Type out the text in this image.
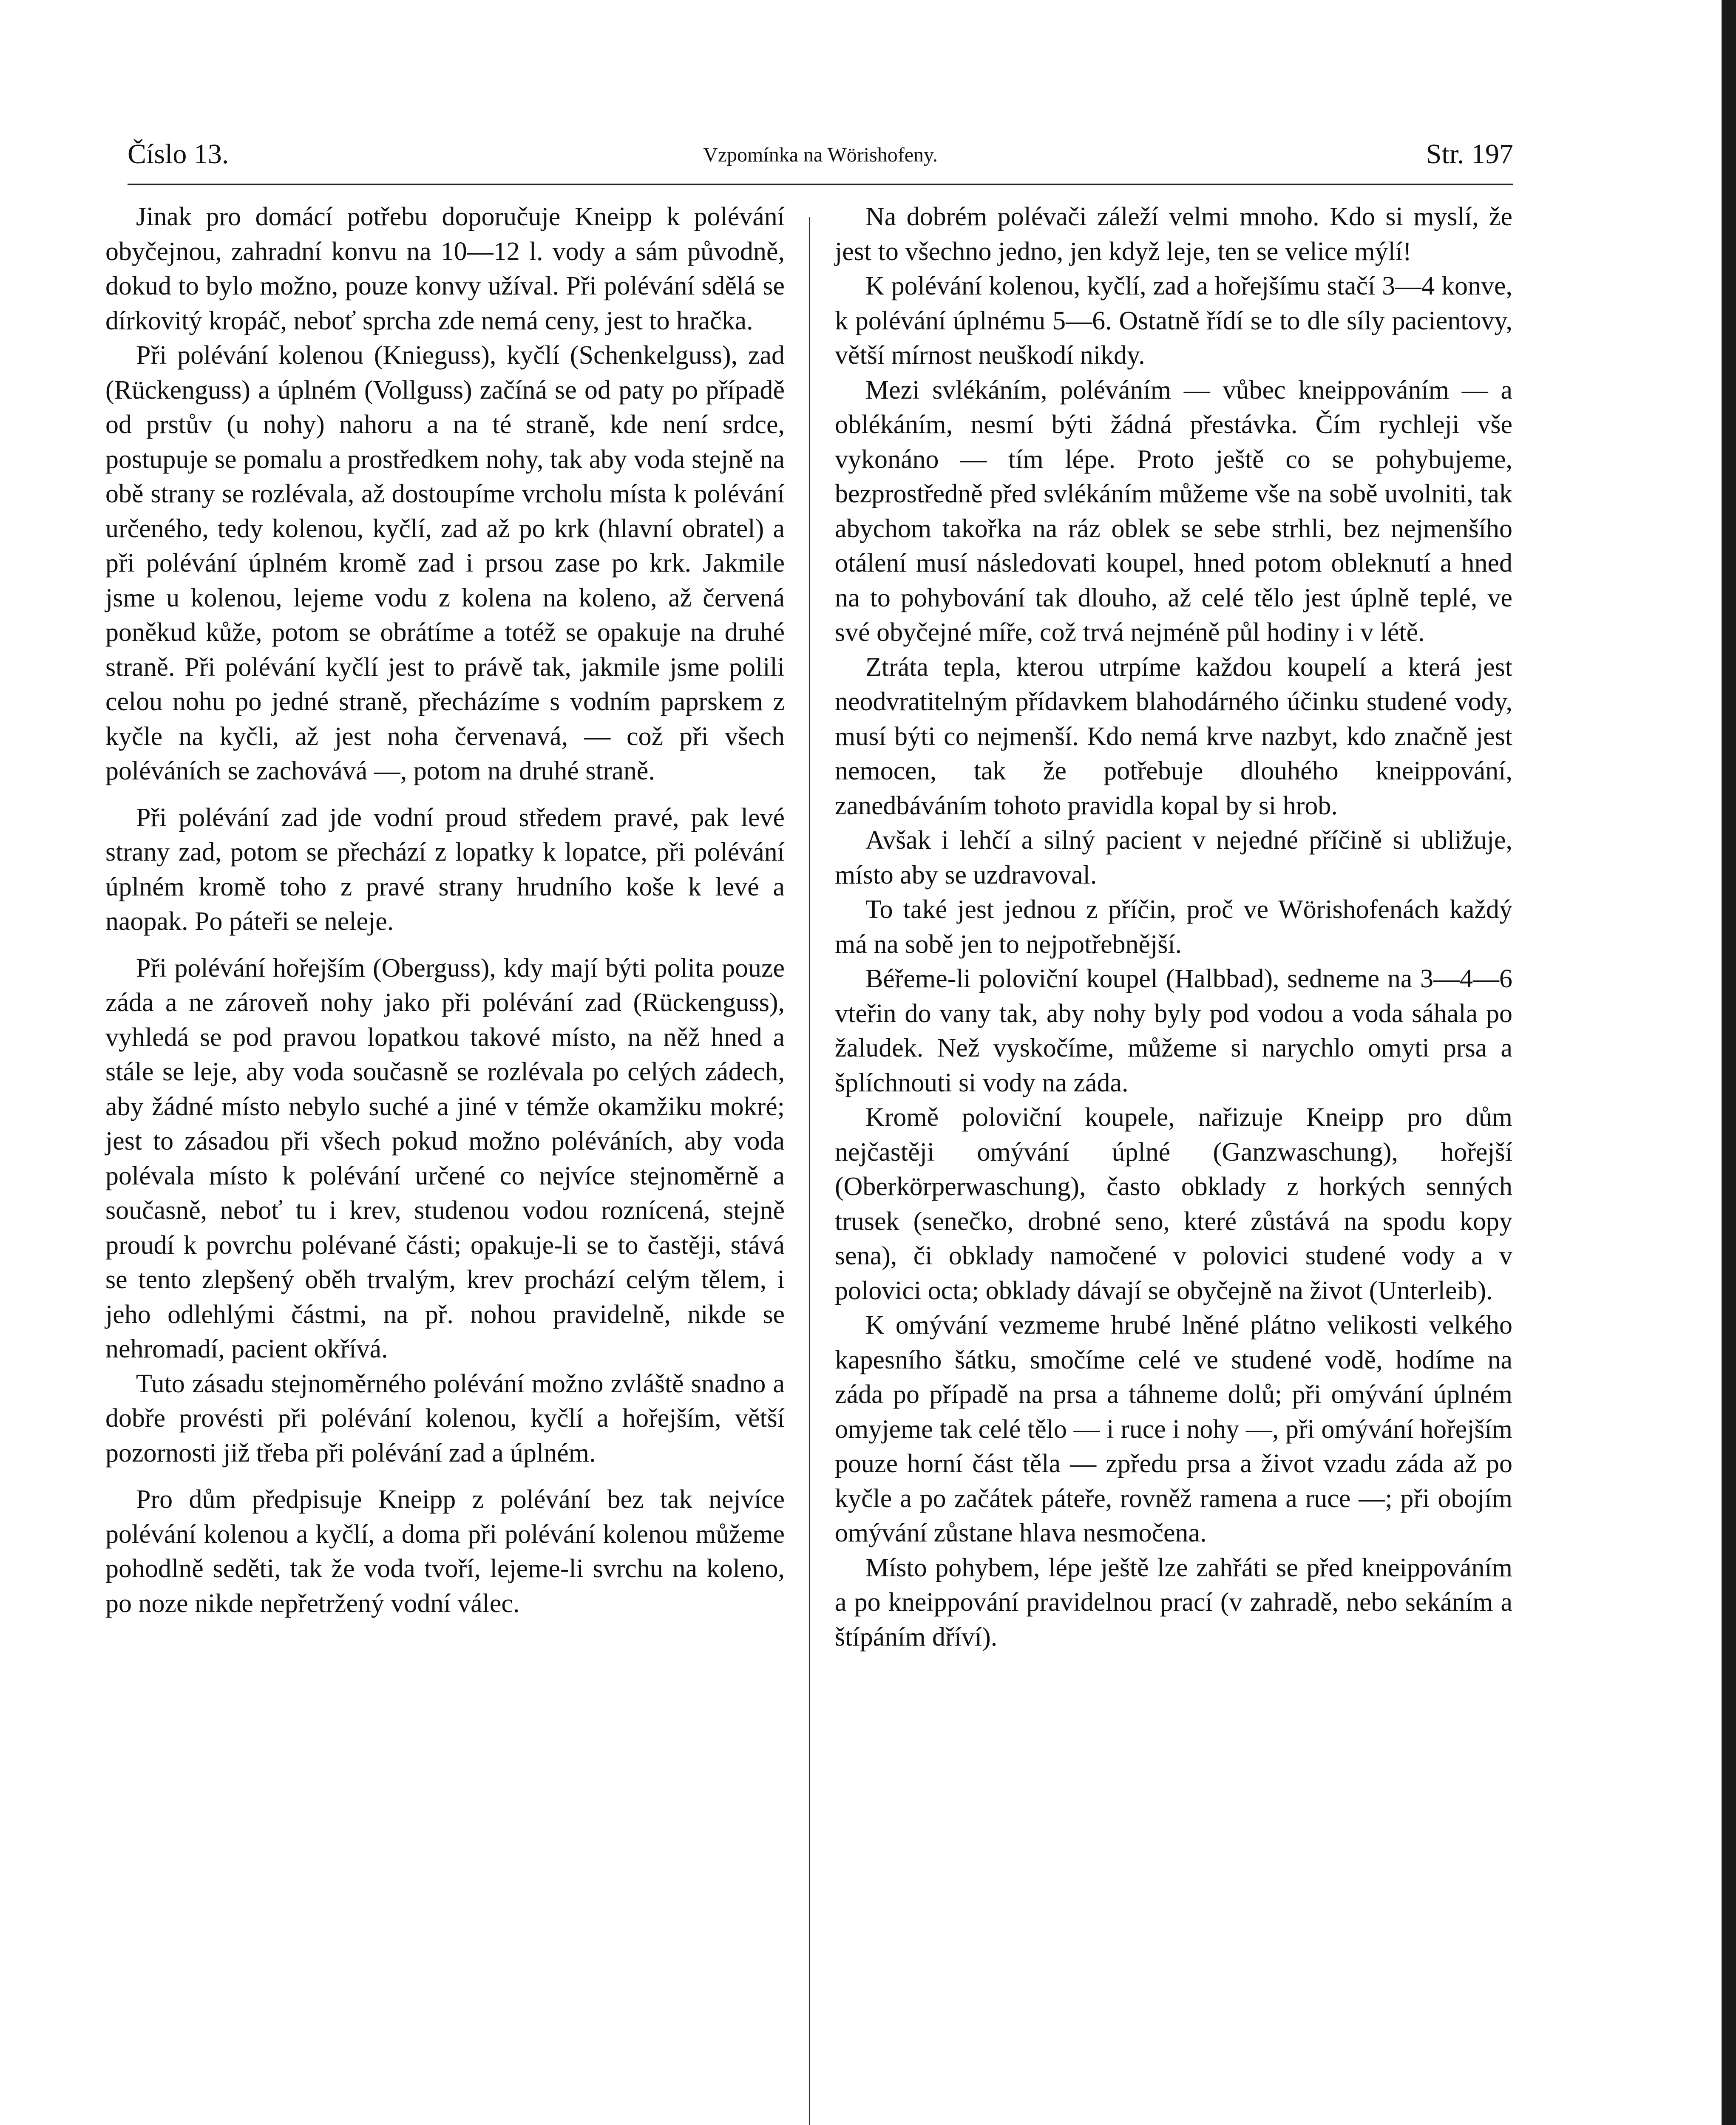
Číslo 13.	Vzpomínka na Wörishofeny.	Str. 197

Jinak pro domácí potřebu doporučuje Kneipp k polévání obyčejnou, zahradní konvu na 10—12 l. vody a sám původně, dokud to bylo možno, pouze konvy užíval. Při polévání sdělá se dírkovitý kropáč, neboť sprcha zde nemá ceny, jest to hračka.

Při polévání kolenou (Knieguss), kyčlí (Schenkelguss), zad (Rückenguss) a úplném (Vollguss) začíná se od paty po případě od prstův (u nohy) nahoru a na té straně, kde není srdce, postupuje se pomalu a prostředkem nohy, tak aby voda stejně na obě strany se rozlévala, až dostoupíme vrcholu místa k polévání určeného, tedy kolenou, kyčlí, zad až po krk (hlavní obratel) a při polévání úplném kromě zad i prsou zase po krk. Jakmile jsme u kolenou, lejeme vodu z kolena na koleno, až červená poněkud kůže, potom se obrátíme a totéž se opakuje na druhé straně. Při polévání kyčlí jest to právě tak, jakmile jsme polili celou nohu po jedné straně, přecházíme s vodním paprskem z kyčle na kyčli, až jest noha červenavá, — což při všech poléváních se zachovává —, potom na druhé straně.

Při polévání zad jde vodní proud středem pravé, pak levé strany zad, potom se přechází z lopatky k lopatce, při polévání úplném kromě toho z pravé strany hrudního koše k levé a naopak. Po páteři se neleje.

Při polévání hořejším (Oberguss), kdy mají býti polita pouze záda a ne zároveň nohy jako při polévání zad (Rückenguss), vyhledá se pod pravou lopatkou takové místo, na něž hned a stále se leje, aby voda současně se rozlévala po celých zádech, aby žádné místo nebylo suché a jiné v témže okamžiku mokré; jest to zásadou při všech pokud možno poléváních, aby voda polévala místo k polévání určené co nejvíce stejnoměrně a současně, neboť tu i krev, studenou vodou roznícená, stejně proudí k povrchu polévané části; opakuje-li se to častěji, stává se tento zlepšený oběh trvalým, krev prochází celým tělem, i jeho odlehlými částmi, na př. nohou pravidelně, nikde se nehromadí, pacient okřívá.

Tuto zásadu stejnoměrného polévání možno zvláště snadno a dobře provésti při polévání kolenou, kyčlí a hořejším, větší pozornosti již třeba při polévání zad a úplném.

Pro dům předpisuje Kneipp z polévání bez tak nejvíce polévání kolenou a kyčlí, a doma při polévání kolenou můžeme pohodlně seděti, tak že voda tvoří, lejeme-li svrchu na koleno, po noze nikde nepřetržený vodní válec.

Na dobrém polévači záleží velmi mnoho. Kdo si myslí, že jest to všechno jedno, jen když leje, ten se velice mýlí!

K polévání kolenou, kyčlí, zad a hořejšímu stačí 3—4 konve, k polévání úplnému 5—6. Ostatně řídí se to dle síly pacientovy, větší mírnost neuškodí nikdy.

Mezi svlékáním, poléváním — vůbec kneippováním — a oblékáním, nesmí býti žádná přestávka. Čím rychleji vše vykonáno — tím lépe. Proto ještě co se pohybujeme, bezprostředně před svlékáním můžeme vše na sobě uvolniti, tak abychom takořka na ráz oblek se sebe strhli, bez nejmenšího otálení musí následovati koupel, hned potom obleknutí a hned na to pohybování tak dlouho, až celé tělo jest úplně teplé, ve své obyčejné míře, což trvá nejméně půl hodiny i v létě.

Ztráta tepla, kterou utrpíme každou koupelí a která jest neodvratitelným přídavkem blahodárného účinku studené vody, musí býti co nejmenší. Kdo nemá krve nazbyt, kdo značně jest nemocen, tak že potřebuje dlouhého kneippování, zanedbáváním tohoto pravidla kopal by si hrob.

Avšak i lehčí a silný pacient v nejedné příčině si ubližuje, místo aby se uzdravoval.

To také jest jednou z příčin, proč ve Wörishofenách každý má na sobě jen to nejpotřebnější.

Béřeme-li poloviční koupel (Halbbad), sedneme na 3—4—6 vteřin do vany tak, aby nohy byly pod vodou a voda sáhala po žaludek. Než vyskočíme, můžeme si narychlo omyti prsa a šplíchnouti si vody na záda.

Kromě poloviční koupele, nařizuje Kneipp pro dům nejčastěji omývání úplné (Ganzwaschung), hořejší (Oberkörperwaschung), často obklady z horkých senných trusek (senečko, drobné seno, které zůstává na spodu kopy sena), či obklady namočené v polovici studené vody a v polovici octa; obklady dávají se obyčejně na život (Unterleib).

K omývání vezmeme hrubé lněné plátno velikosti velkého kapesního šátku, smočíme celé ve studené vodě, hodíme na záda po případě na prsa a táhneme dolů; při omývání úplném omyjeme tak celé tělo — i ruce i nohy —, při omývání hořejším pouze horní část těla — zpředu prsa a život vzadu záda až po kyčle a po začátek páteře, rovněž ramena a ruce —; při obojím omývání zůstane hlava nesmočena.

Místo pohybem, lépe ještě lze zahřáti se před kneippováním a po kneippování pravidelnou prací (v zahradě, nebo sekáním a štípáním dříví).
